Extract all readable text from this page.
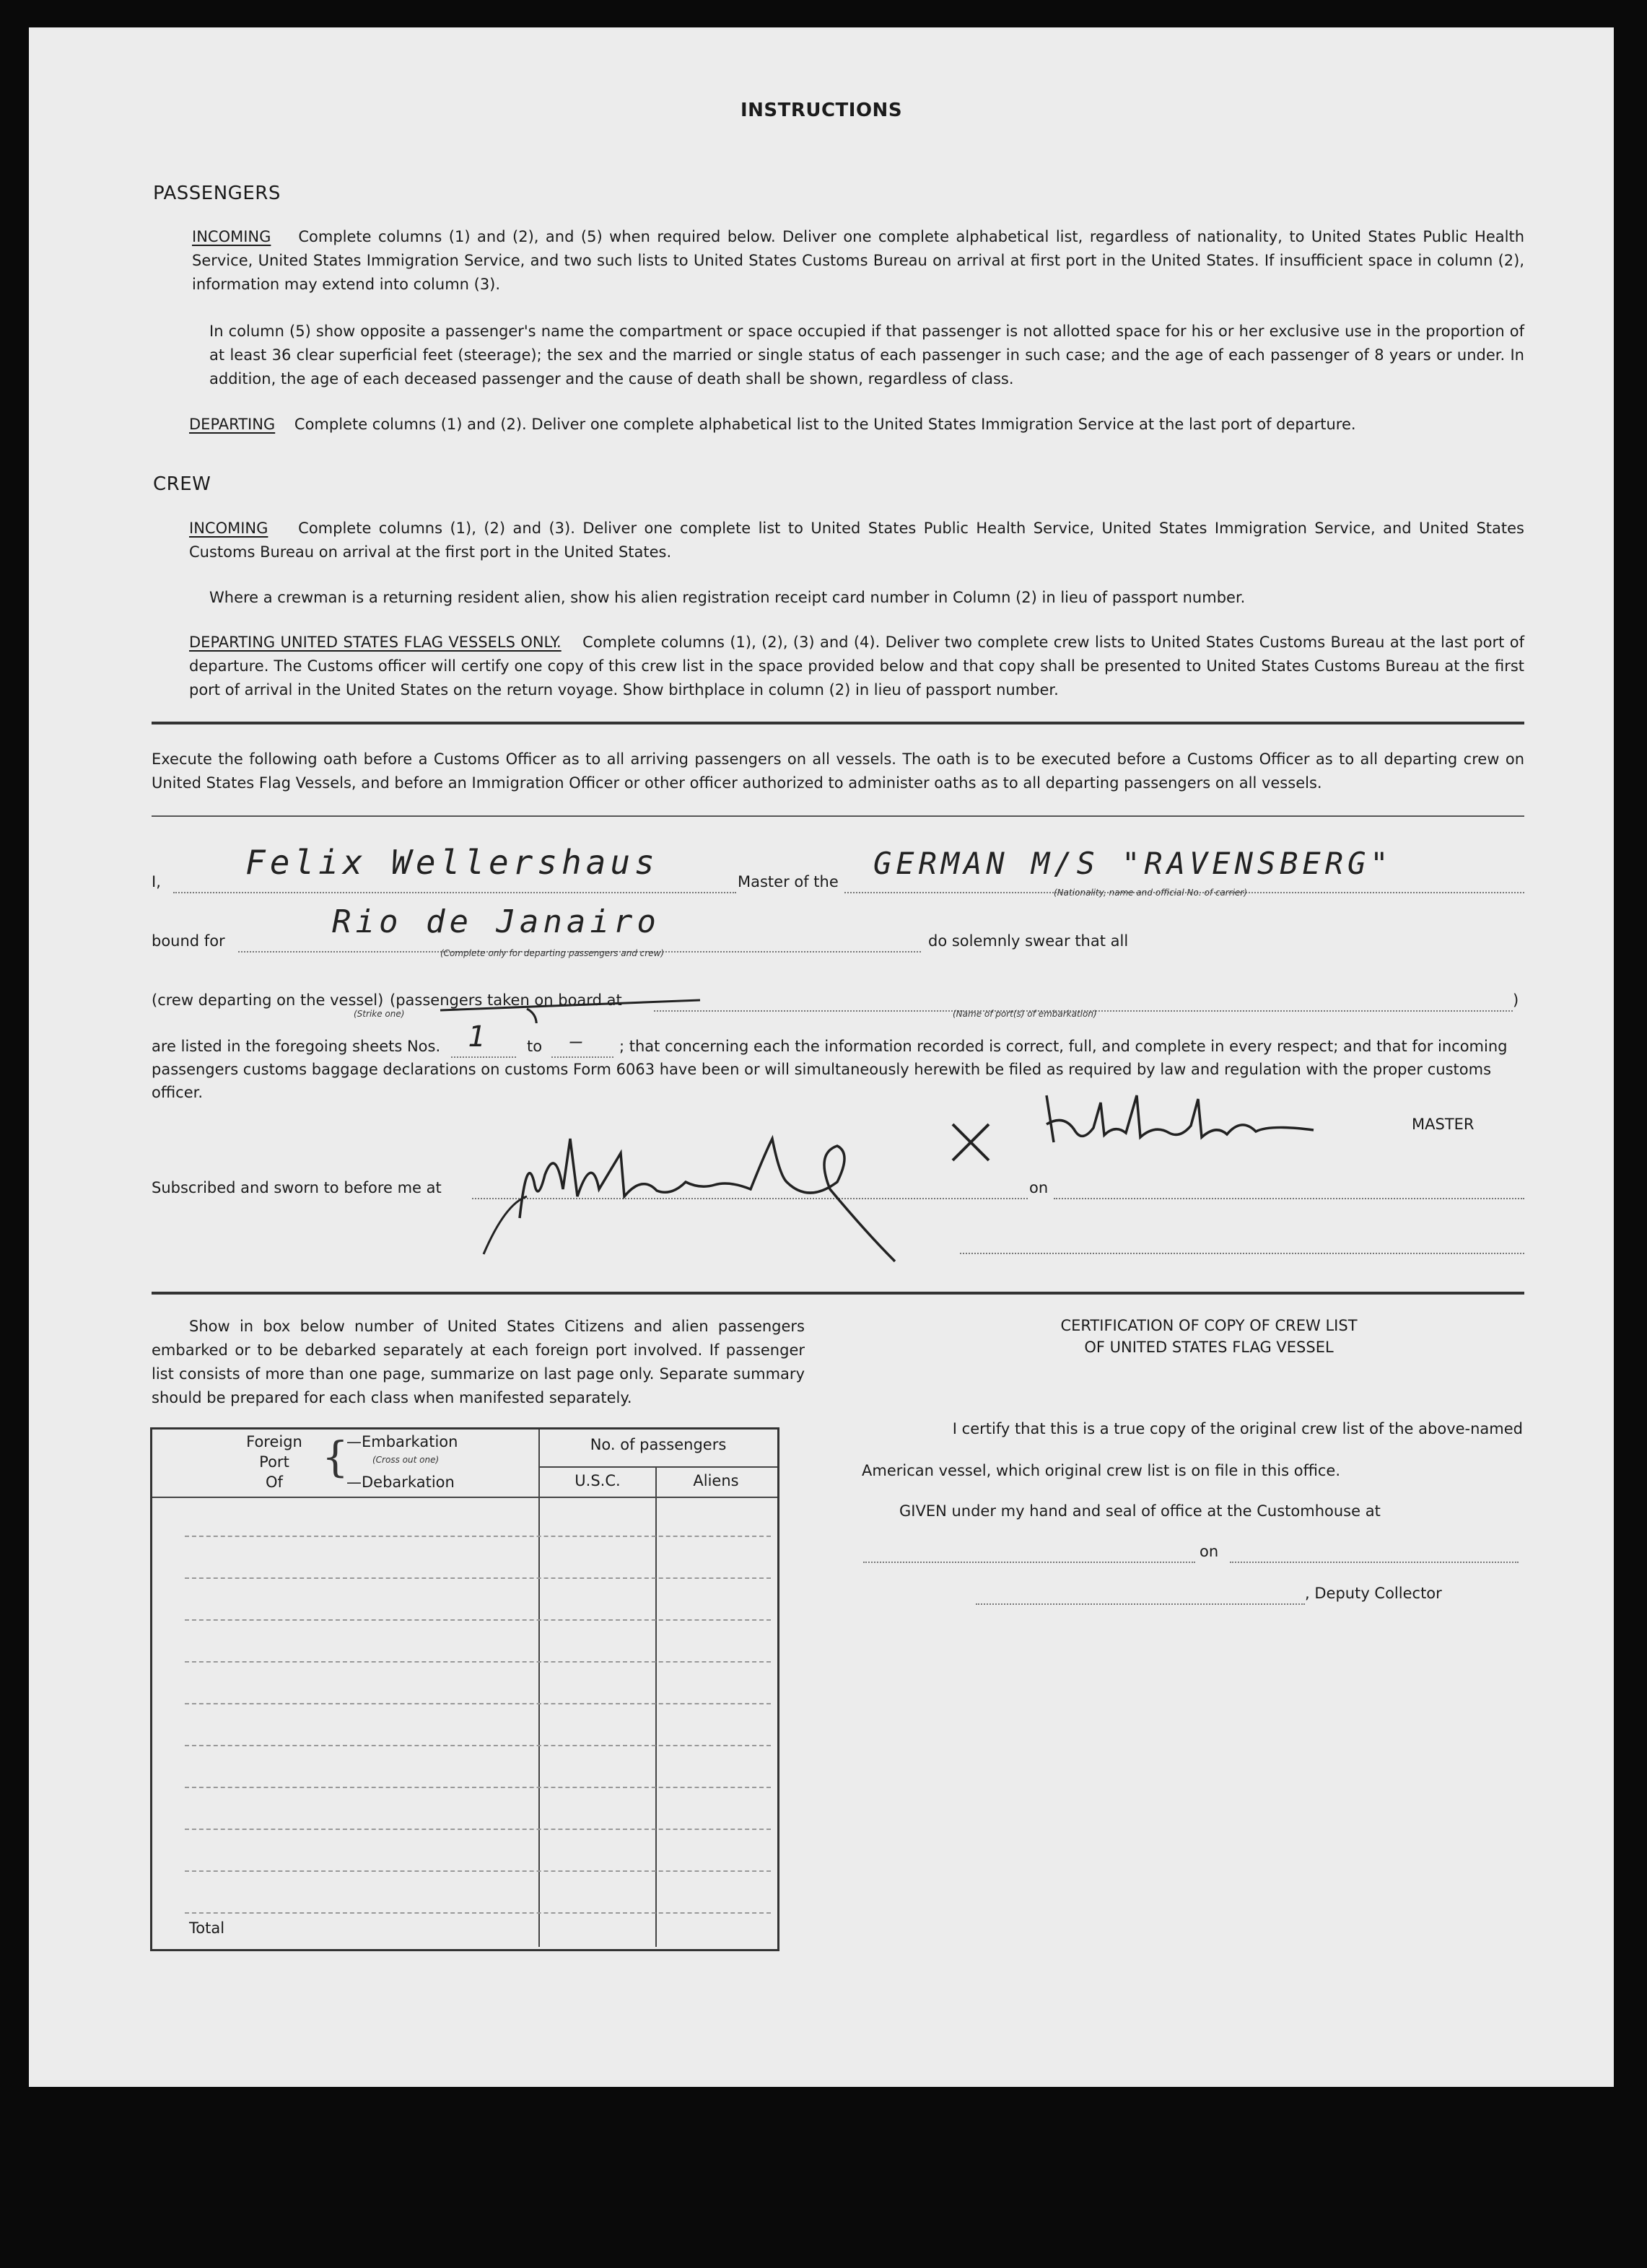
INSTRUCTIONS
PASSENGERS
INCOMING Complete columns (1) and (2), and (5) when required below. Deliver one complete alphabetical list, regardless of nationality, to United States Public Health Service, United States Immigration Service, and two such lists to United States Customs Bureau on arrival at first port in the United States. If insufficient space in column (2), information may extend into column (3).
In column (5) show opposite a passenger's name the compartment or space occupied if that passenger is not allotted space for his or her exclusive use in the proportion of at least 36 clear superficial feet (steerage); the sex and the married or single status of each passenger in such case; and the age of each passenger of 8 years or under. In addition, the age of each deceased passenger and the cause of death shall be shown, regardless of class.
DEPARTING Complete columns (1) and (2). Deliver one complete alphabetical list to the United States Immigration Service at the last port of departure.
CREW
INCOMING Complete columns (1), (2) and (3). Deliver one complete list to United States Public Health Service, United States Immigration Service, and United States Customs Bureau on arrival at the first port in the United States.
Where a crewman is a returning resident alien, show his alien registration receipt card number in Column (2) in lieu of passport number.
DEPARTING UNITED STATES FLAG VESSELS ONLY. Complete columns (1), (2), (3) and (4). Deliver two complete crew lists to United States Customs Bureau at the last port of departure. The Customs officer will certify one copy of this crew list in the space provided below and that copy shall be presented to United States Customs Bureau at the first port of arrival in the United States on the return voyage. Show birthplace in column (2) in lieu of passport number.
Execute the following oath before a Customs Officer as to all arriving passengers on all vessels. The oath is to be executed before a Customs Officer as to all departing crew on United States Flag Vessels, and before an Immigration Officer or other officer authorized to administer oaths as to all departing passengers on all vessels.
I,	Felix Wellershaus	Master of the
GERMAN M/S "RAVENSBERG"
(Nationality, name and official No. of carrier)
bound for
Rio de Janairo
(Complete only for departing passengers and crew)
do solemnly swear that all
(crew departing on the vessel) (passengers taken on board at
(Strike one)	(Name of port(s) of embarkation)
)
are listed in the foregoing sheets Nos. 1 to — ; that concerning each the information recorded is correct, full, and complete in every respect; and that for incoming
passengers customs baggage declarations on customs Form 6063 have been or will simultaneously herewith be filed as required by law and regulation with the proper customs
officer.
MASTER
Subscribed and sworn to before me at	on
Show in box below number of United States Citizens and alien passengers embarked or to be debarked separately at each foreign port involved. If passenger list consists of more than one page, summarize on last page only. Separate summary should be prepared for each class when manifested separately.
Foreign
Port
Of
{
—Embarkation
(Cross out one)
—Debarkation
No. of passengers
U.S.C.	Aliens
Total
CERTIFICATION OF COPY OF CREW LIST
OF UNITED STATES FLAG VESSEL
I certify that this is a true copy of the original crew list of the above-named
American vessel, which original crew list is on file in this office.
GIVEN under my hand and seal of office at the Customhouse at
on
, Deputy Collector
